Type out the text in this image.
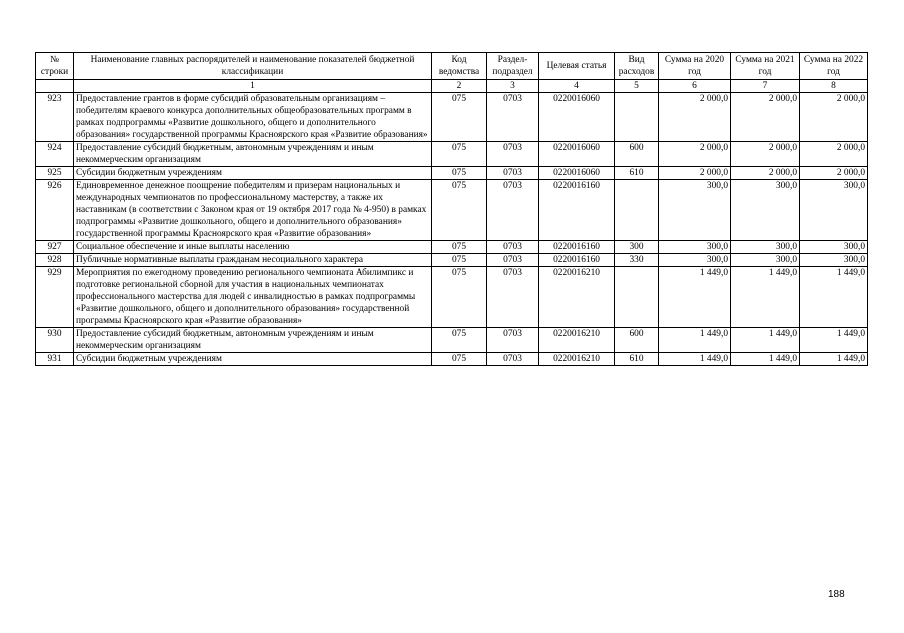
№ строки	Наименование главных распорядителей и наименование показателей бюджетной классификации	Код ведомства	Раздел-подраздел	Целевая статья	Вид расходов	Сумма на 2020 год	Сумма на 2021 год	Сумма на 2022 год
	1	2	3	4	5	6	7	8
923	Предоставление грантов в форме субсидий образовательным организациям – победителям краевого конкурса дополнительных общеобразовательных программ в рамках подпрограммы «Развитие дошкольного, общего и дополнительного образования» государственной программы Красноярского края «Развитие образования»	075	0703	0220016060		2 000,0	2 000,0	2 000,0
924	Предоставление субсидий бюджетным, автономным учреждениям и иным некоммерческим организациям	075	0703	0220016060	600	2 000,0	2 000,0	2 000,0
925	Субсидии бюджетным учреждениям	075	0703	0220016060	610	2 000,0	2 000,0	2 000,0
926	Единовременное денежное поощрение победителям и призерам национальных и международных чемпионатов по профессиональному мастерству, а также их наставникам (в соответствии с Законом края от 19 октября 2017 года № 4-950) в рамках подпрограммы «Развитие дошкольного, общего и дополнительного образования» государственной программы Красноярского края «Развитие образования»	075	0703	0220016160		300,0	300,0	300,0
927	Социальное обеспечение и иные выплаты населению	075	0703	0220016160	300	300,0	300,0	300,0
928	Публичные нормативные выплаты гражданам несоциального характера	075	0703	0220016160	330	300,0	300,0	300,0
929	Мероприятия по ежегодному проведению регионального чемпионата Абилимпикс и подготовке региональной сборной для участия в национальных чемпионатах профессионального мастерства для людей с инвалидностью в рамках подпрограммы «Развитие дошкольного, общего и дополнительного образования» государственной программы Красноярского края «Развитие образования»	075	0703	0220016210		1 449,0	1 449,0	1 449,0
930	Предоставление субсидий бюджетным, автономным учреждениям и иным некоммерческим организациям	075	0703	0220016210	600	1 449,0	1 449,0	1 449,0
931	Субсидии бюджетным учреждениям	075	0703	0220016210	610	1 449,0	1 449,0	1 449,0
188
